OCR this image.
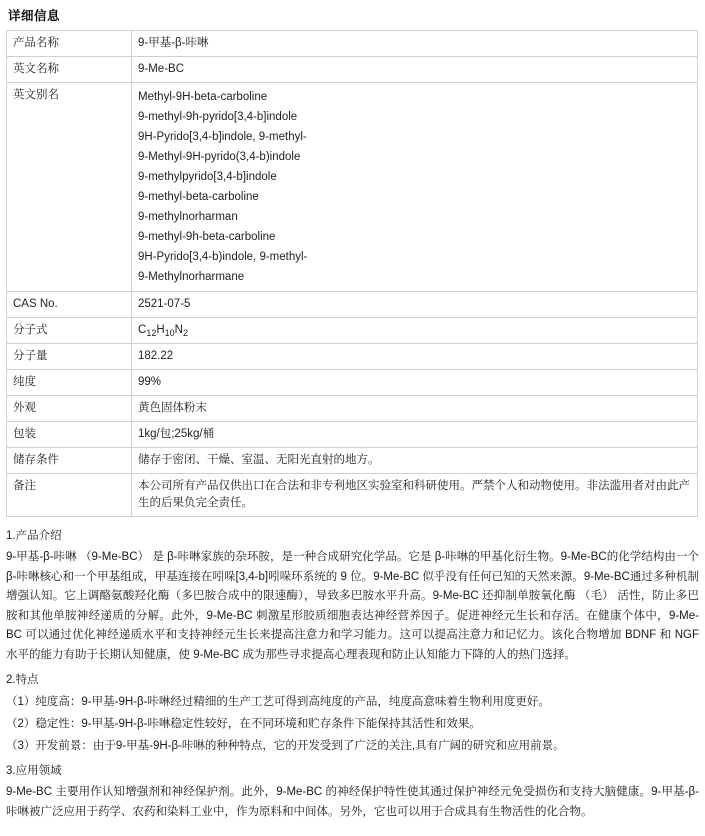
详细信息
产品名称	9-甲基-β-咔啉
英文名称	9-Me-BC
英文别名	Methyl-9H-beta-carboline
9-methyl-9h-pyrido[3,4-b]indole
9H-Pyrido[3,4-b]indole, 9-methyl-
9-Methyl-9H-pyrido(3,4-b)indole
9-methylpyrido[3,4-b]indole
9-methyl-beta-carboline
9-methylnorharman
9-methyl-9h-beta-carboline
9H-Pyrido[3,4-b)indole, 9-methyl-
9-Methylnorharmane

CAS No.	2521-07-5
分子式	$C_{12}H_{10}N_2$
分子量	182.22
纯度	99%
外观	黄色固体粉末
包装	1kg/包;25kg/桶
储存条件	储存于密闭、干燥、室温、无阳光直射的地方。
备注	本公司所有产品仅供出口在合法和非专利地区实验室和科研使用。严禁个人和动物使用。非法滥用者对由此产生的后果负完全责任。
1.产品介绍
9-甲基-β-咔啉 （9-Me-BC） 是 β-咔啉家族的杂环胺，是一种合成研究化学品。它是 β-咔啉的甲基化衍生物。9-Me-BC的化学结构由一个β-咔啉核心和一个甲基组成，甲基连接在吲哚[3,4-b]吲哚环系统的 9 位。9-Me-BC 似乎没有任何已知的天然来源。9-Me-BC通过多种机制增强认知。它上调酪氨酸羟化酶（多巴胺合成中的限速酶），导致多巴胺水平升高。9-Me-BC 还抑制单胺氧化酶 （毛） 活性，防止多巴胺和其他单胺神经递质的分解。此外，9-Me-BC 刺激星形胶质细胞表达神经营养因子。促进神经元生长和存活。在健康个体中，9-Me-BC 可以通过优化神经递质水平和支持神经元生长来提高注意力和学习能力。这可以提高注意力和记忆力。该化合物增加 BDNF 和 NGF 水平的能力有助于长期认知健康，使 9-Me-BC 成为那些寻求提高心理表现和防止认知能力下降的人的热门选择。
2.特点
（1）纯度高：9-甲基-9H-β-咔啉经过精细的生产工艺可得到高纯度的产品，纯度高意味着生物利用度更好。
（2）稳定性：9-甲基-9H-β-咔啉稳定性较好，在不同环境和贮存条件下能保持其活性和效果。
（3）开发前景：由于9-甲基-9H-β-咔啉的种种特点，它的开发受到了广泛的关注,具有广阔的研究和应用前景。
3.应用领域
9-Me-BC 主要用作认知增强剂和神经保护剂。此外，9-Me-BC 的神经保护特性使其通过保护神经元免受损伤和支持大脑健康。9-甲基-β-咔啉被广泛应用于药学、农药和染料工业中，作为原料和中间体。另外，它也可以用于合成具有生物活性的化合物。
